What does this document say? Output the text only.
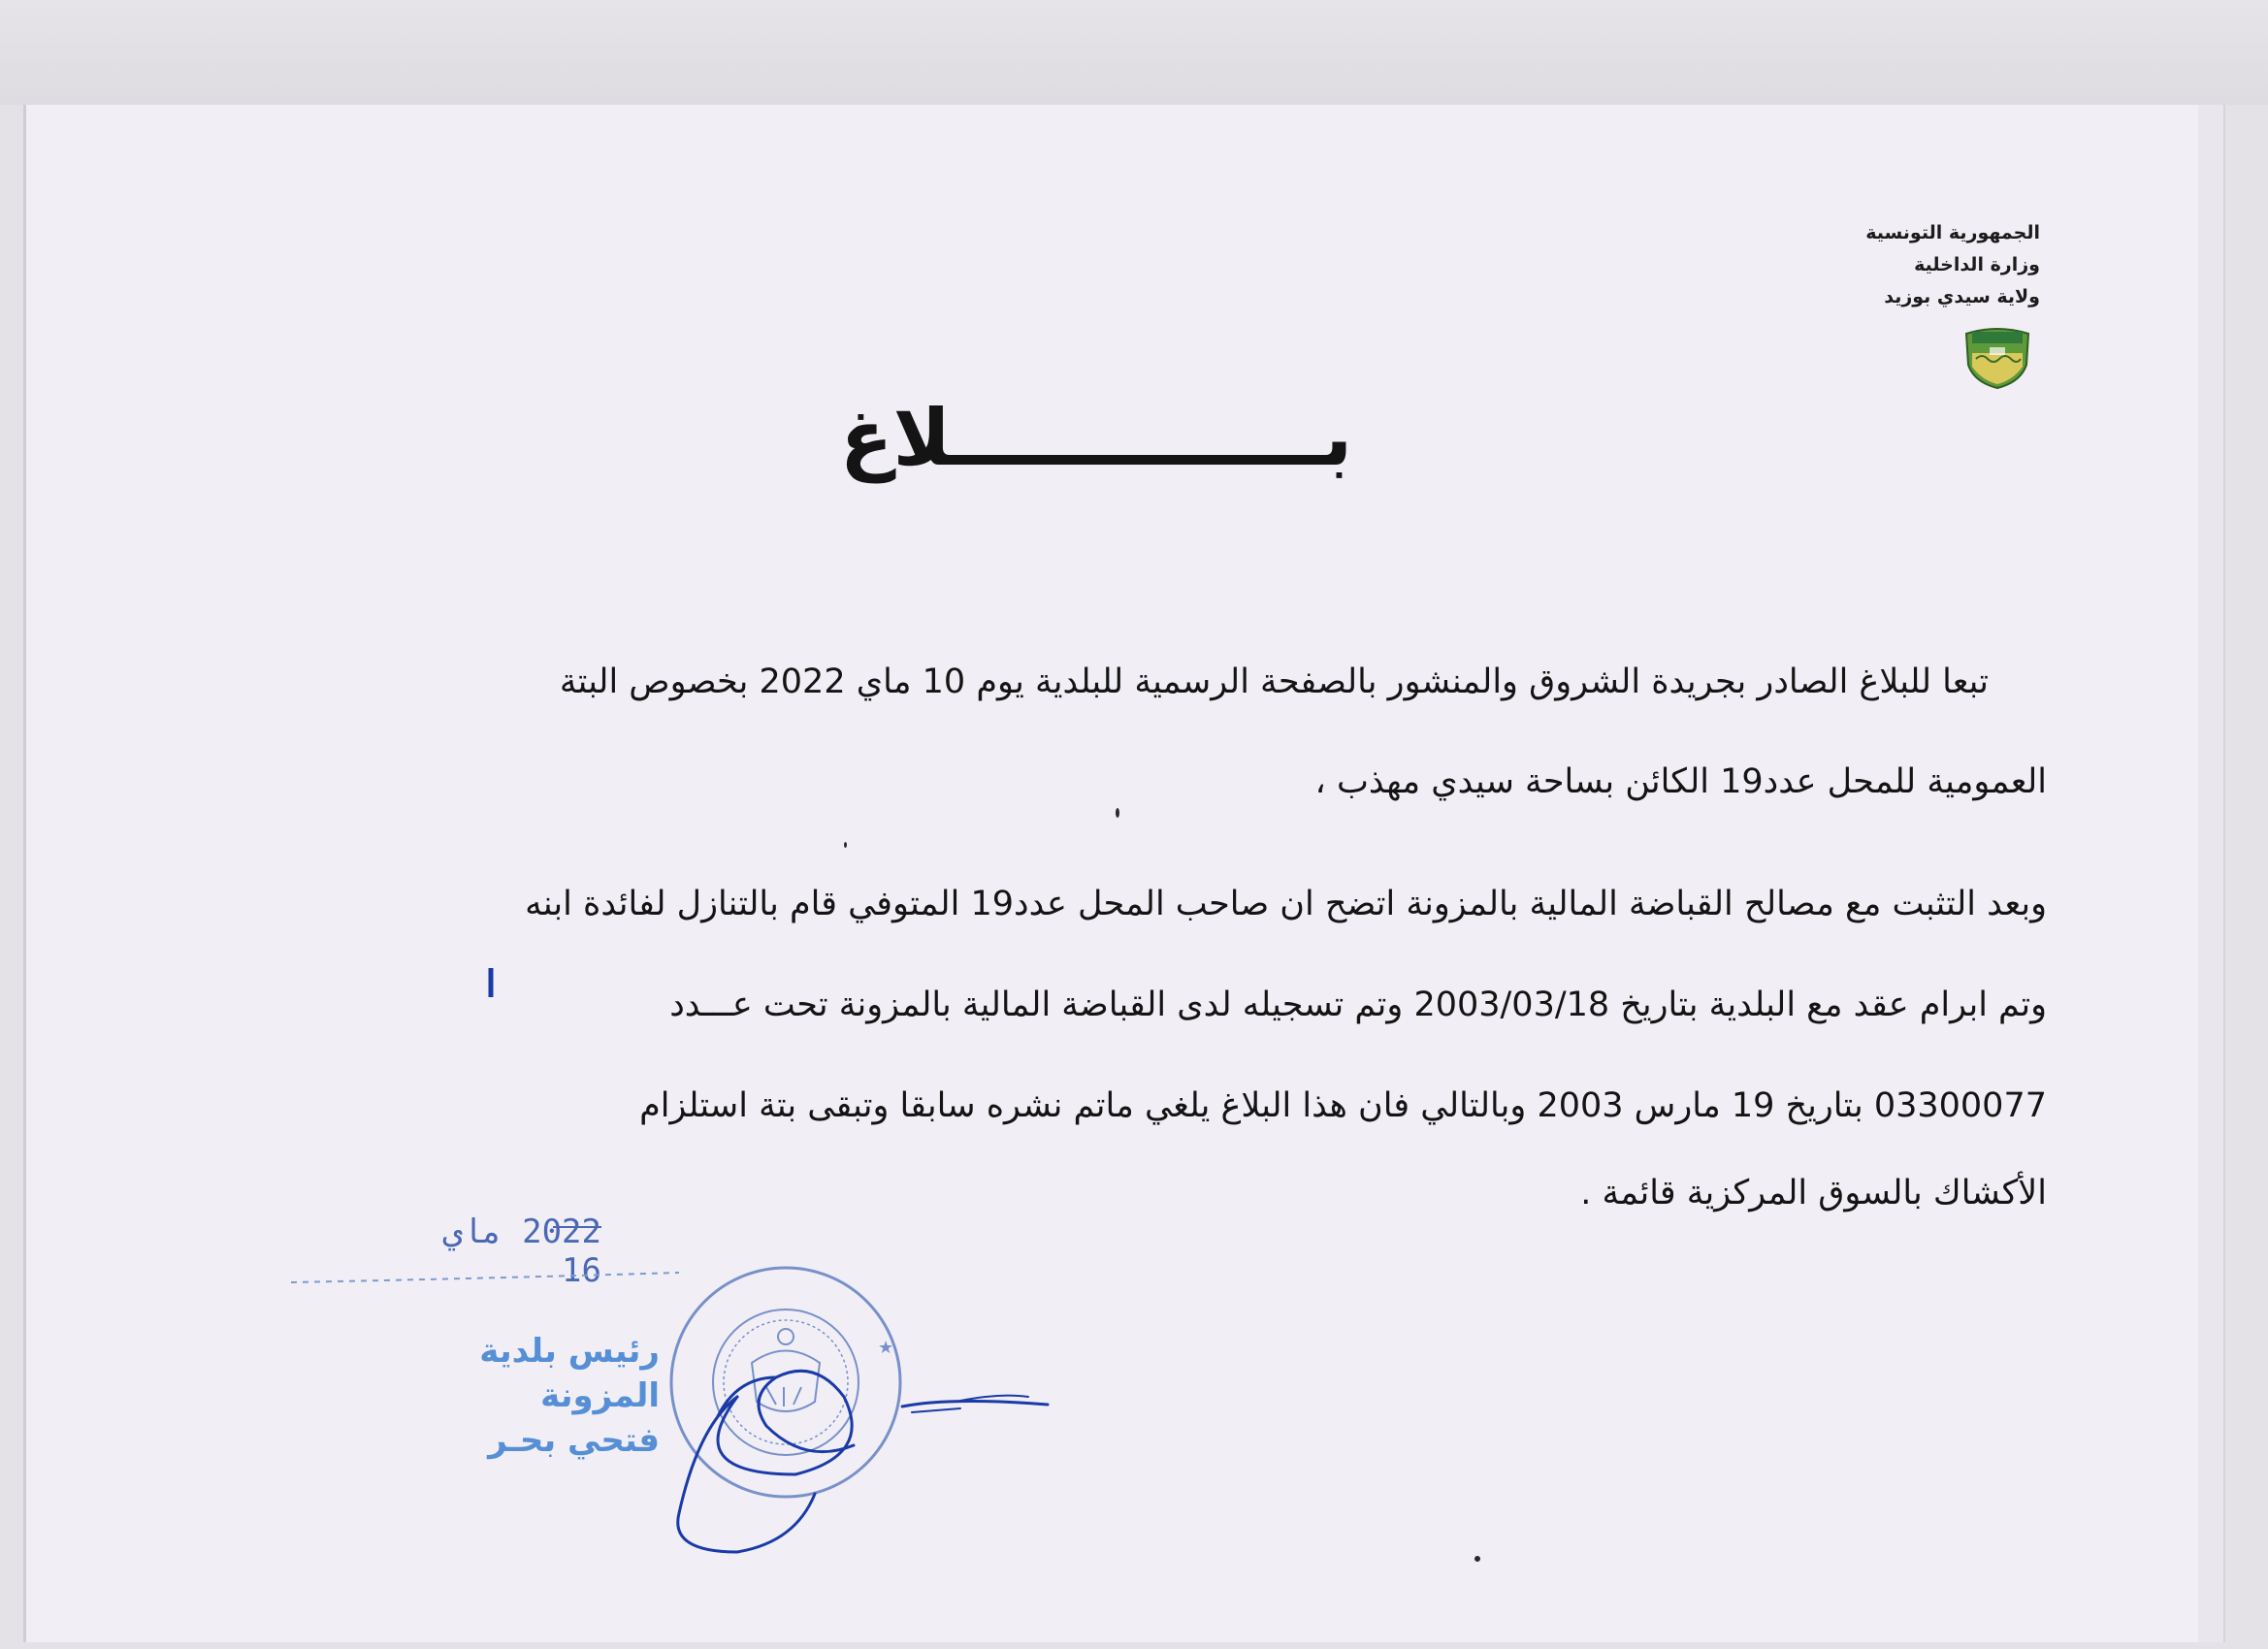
الجمهورية التونسية
وزارة الداخلية
ولاية سيدي بوزيد
بــــــــــــــلاغ
تبعا للبلاغ الصادر بجريدة الشروق والمنشور بالصفحة الرسمية للبلدية يوم 10 ماي 2022 بخصوص البتة
العمومية للمحل عدد19 الكائن بساحة سيدي مهذب ،
وبعد التثبت مع مصالح القباضة المالية بالمزونة اتضح ان صاحب المحل عدد19 المتوفي قام بالتنازل لفائدة ابنه
وتم ابرام عقد مع البلدية بتاريخ 2003/03/18 وتم تسجيله لدى القباضة المالية بالمزونة تحت عـــدد
03300077 بتاريخ 19 مارس 2003 وبالتالي فان هذا البلاغ يلغي ماتم نشره سابقا وتبقى بتة استلزام
الأكشاك بالسوق المركزية قائمة .
2022 ماي 16
رئيس بلدية المزونة
فتحي بحـر
★
